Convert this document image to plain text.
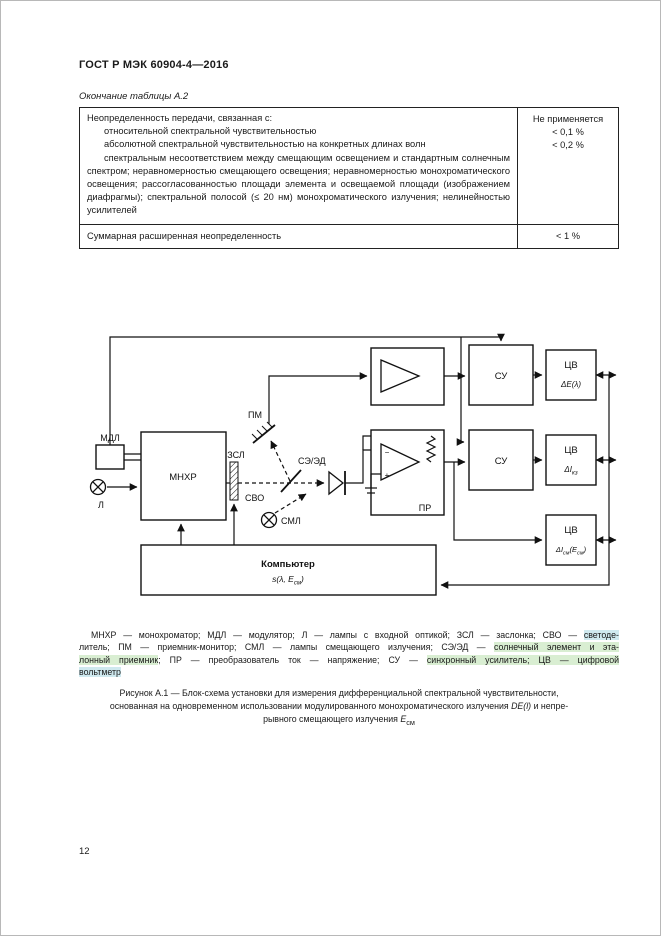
ГОСТ Р МЭК 60904-4—2016
Окончание таблицы А.2
Неопределенность передачи, связанная с:
относительной спектральной чувствительностью
абсолютной спектральной чувствительностью на конкретных длинах волн
спектральным несоответствием между смещающим освещением и стандартным солнечным спектром; неравномерностью смещающего освещения; неравномерностью монохроматического освещения; рассогласованностью площади элемента и освещаемой площади (изображением диафрагмы); спектральной полосой (≤ 20 нм) монохроматического излучения; нелинейностью усилителей
Не применяется
< 0,1 %
< 0,2 %
Суммарная расширенная неопределенность	< 1 %
МДЛ
Л
МНХР
ЗСЛ
ПМ
СВО
СМЛ
СЭ/ЭД
ПР
−
+
СУ
СУ
ЦВ
ΔE(λ)
ЦВ
$\Delta I_{кз}$
ЦВ
$\Delta I_{см}(E_{см})$
Компьютер
s(λ, $E_{см}$)
МНХР — монохроматор; МДЛ — модулятор; Л — лампы с входной оптикой; ЗСЛ — заслонка; СВО — светоде-
литель; ПМ — приемник-монитор; СМЛ — лампы смещающего излучения; СЭ/ЭД — солнечный элемент и эта-
лонный приемник; ПР — преобразователь ток — напряжение; СУ — синхронный усилитель; ЦВ — цифровой
вольтметр
Рисунок А.1 — Блок-схема установки для измерения дифференциальной спектральной чувствительности,
основанная на одновременном использовании модулированного монохроматического излучения DE(l) и непре-
рывного смещающего излучения $E_{см}$
12
